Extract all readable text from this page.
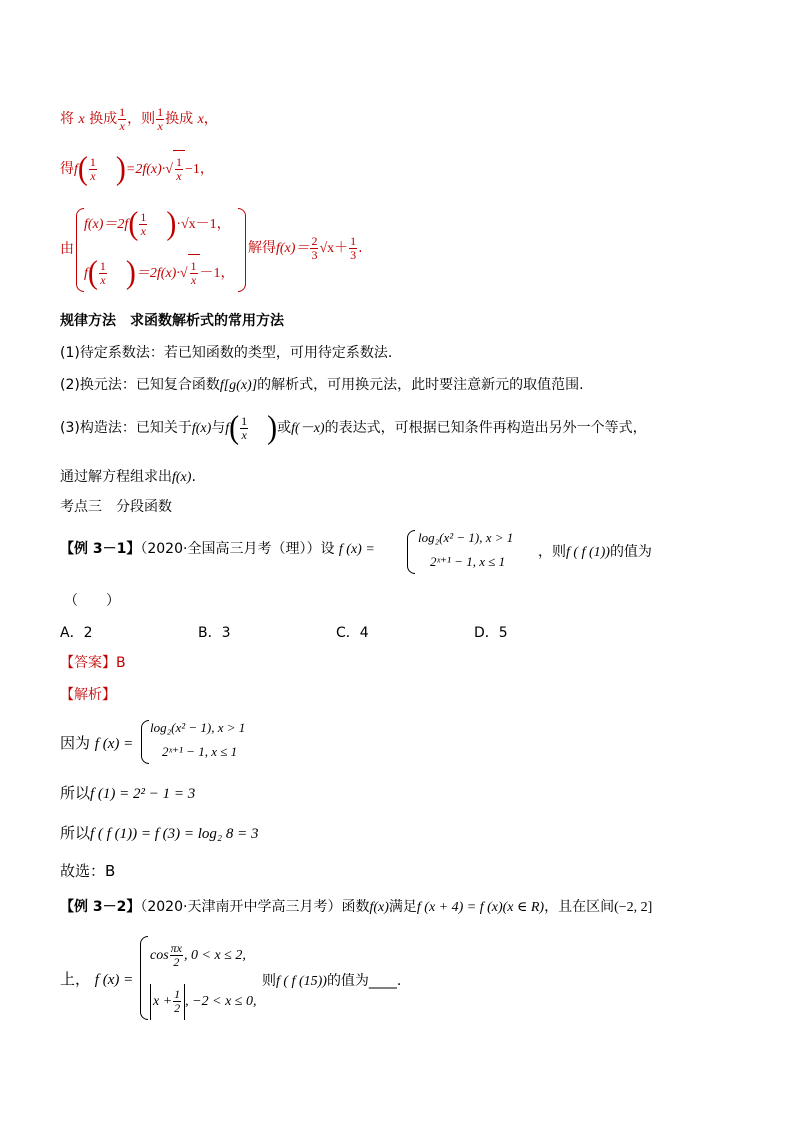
将 x 换成 $\frac{1}{x}$ ，则 $\frac{1}{x}$ 换成 x，
得$f( \frac{1}{x} )=2f(x)\cdot√ \frac{1}{x} -1$，
由
$f(x)=2f( \frac{1}{x} )\cdot√x-1$，
$f( \frac{1}{x} )=2f(x)\cdot√ \frac{1}{x} -1$，
解得$f(x)= \frac{2}{3} √x+ \frac{1}{3}$ .
规律方法　求函数解析式的常用方法
(1)待定系数法：若已知函数的类型，可用待定系数法.
(2)换元法：已知复合函数f[g(x)]的解析式，可用换元法，此时要注意新元的取值范围.
(3)构造法：已知关于f(x)与$f( \frac{1}{x}$ )或f(－x)的表达式，可根据已知条件再构造出另外一个等式，
通过解方程组求出f(x).
考点三　分段函数
【例 3－1】（2020·全国高三月考（理））设 f (x) =
log₂(x² − 1), x > 1
2ˣ⁺¹ − 1, x ≤ 1
，则f ( f (1))的值为
（　　）
A．2	B．3	C．4	D．5
【答案】B
【解析】
因为 f (x) =
log₂(x² − 1), x > 1
2ˣ⁺¹ − 1, x ≤ 1
所以f (1) = 2² − 1 = 3
所以f ( f (1)) = f (3) = log₂ 8 = 3
故选：B
【例 3－2】（2020·天津南开中学高三月考）函数f(x)满足f (x + 4) = f (x)(x ∈ R)，且在区间(−2, 2]
上， f (x) =
$\cos \frac{\pi x}{2}$ , 0 < x ≤ 2,
$x + \frac{1}{2}$ , −2 < x ≤ 0,
则f ( f (15))的值为____.
